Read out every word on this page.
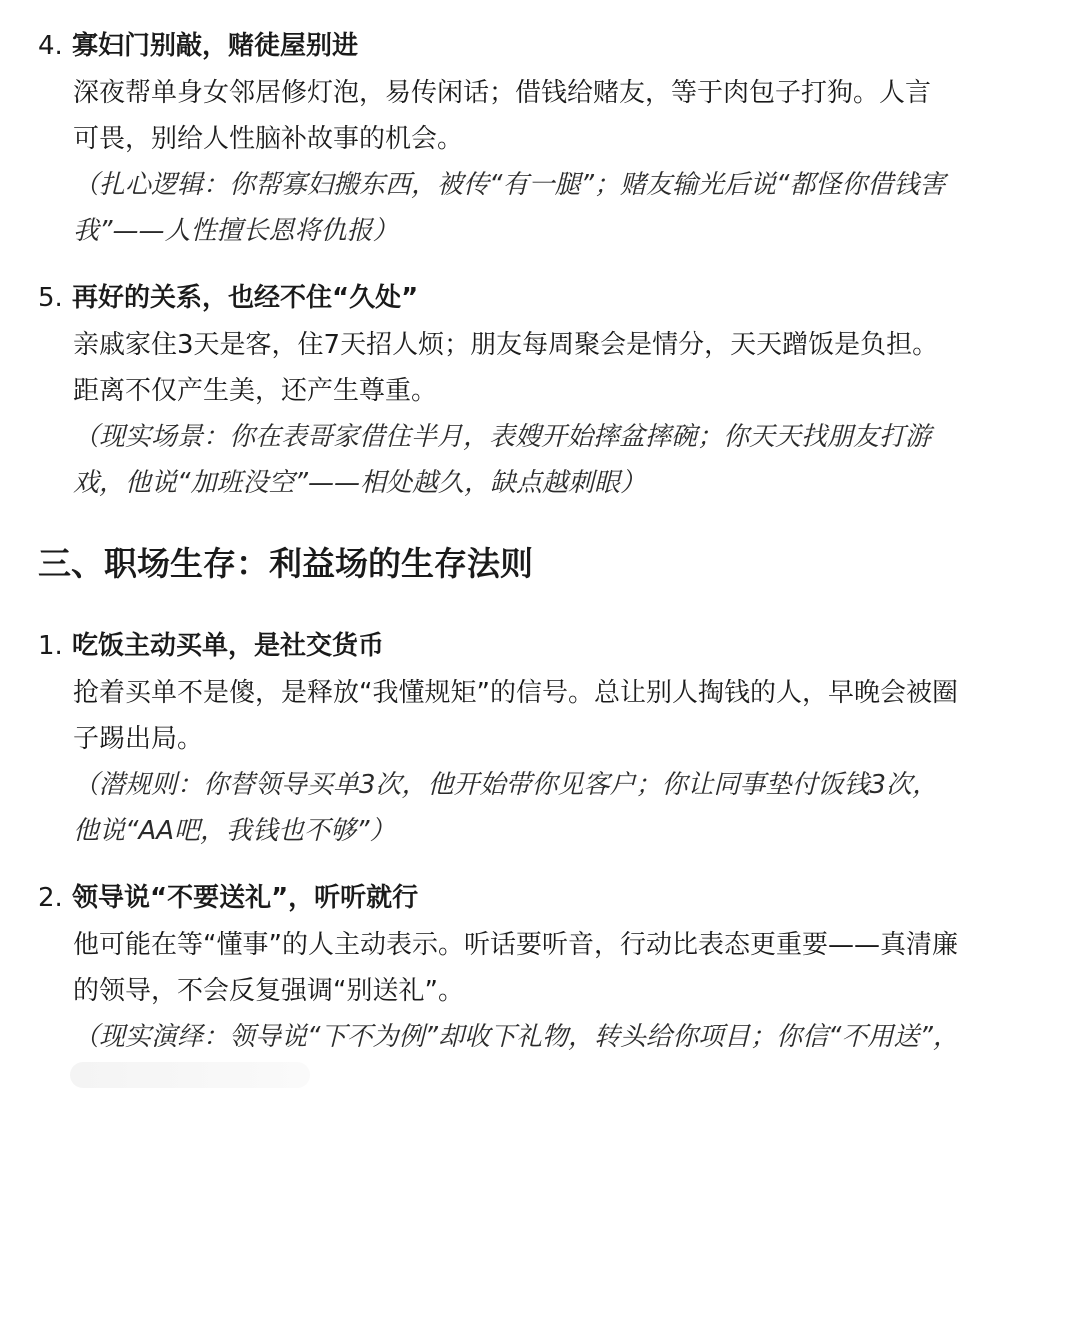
4. 寡妇门别敲，赌徒屋别进
深夜帮单身女邻居修灯泡，易传闲话；借钱给赌友，等于肉包子打狗。人言
可畏，别给人性脑补故事的机会。
（扎心逻辑：你帮寡妇搬东西，被传“有一腿”；赌友输光后说“都怪你借钱害
我”——人性擅长恩将仇报）
5. 再好的关系，也经不住“久处”
亲戚家住3天是客，住7天招人烦；朋友每周聚会是情分，天天蹭饭是负担。
距离不仅产生美，还产生尊重。
（现实场景：你在表哥家借住半月，表嫂开始摔盆摔碗；你天天找朋友打游
戏，他说“加班没空”——相处越久，缺点越刺眼）
三、职场生存：利益场的生存法则
1. 吃饭主动买单，是社交货币
抢着买单不是傻，是释放“我懂规矩”的信号。总让别人掏钱的人，早晚会被圈
子踢出局。
（潜规则：你替领导买单3次，他开始带你见客户；你让同事垫付饭钱3次，
他说“AA吧，我钱也不够”）
2. 领导说“不要送礼”，听听就行
他可能在等“懂事”的人主动表示。听话要听音，行动比表态更重要——真清廉
的领导，不会反复强调“别送礼”。
（现实演绎：领导说“下不为例”却收下礼物，转头给你项目；你信“不用送”，
